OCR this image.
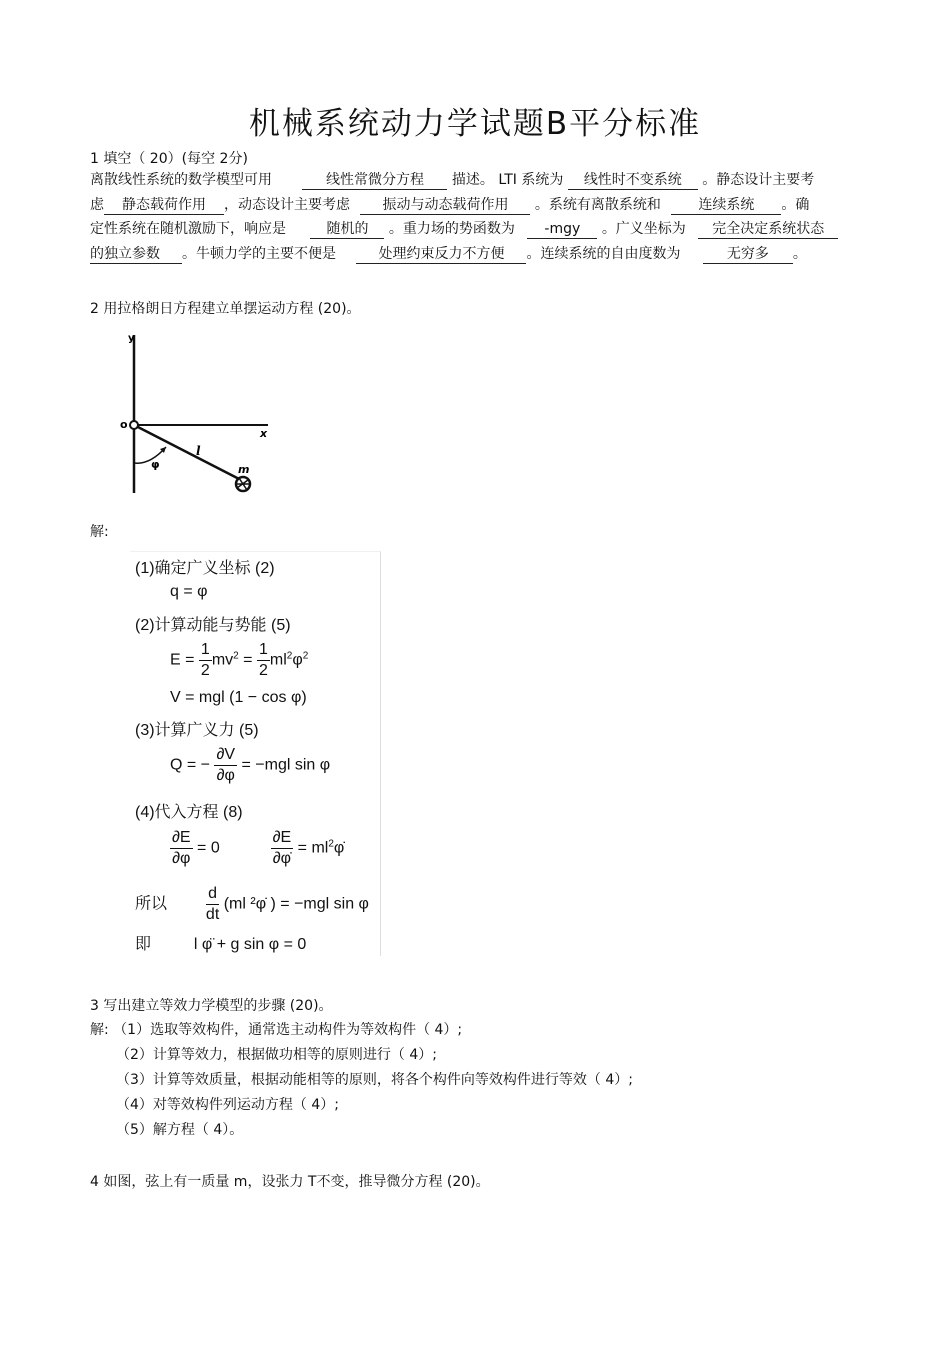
机械系统动力学试题B平分标准
1 填空（ 20）(每空 2分)
离散线性系统的数学模型可用	线性常微分方程 描述。 LTI 系统为 线性时不变系统 。静态设计主要考
虑 静态载荷作用 ，动态设计主要考虑 振动与动态载荷作用 。系统有离散系统和	连续系统 。确
定性系统在随机激励下，响应是	随机的 。重力场的势函数为 -mgy 。广义坐标为 完全决定系统状态
的独立参数 。牛顿力学的主要不便是	处理约束反力不方便 。连续系统的自由度数为	无穷多 。
2 用拉格朗日方程建立单摆运动方程 (20)。
y
o
x
l
m
φ
解:
(1)确定广义坐标 (2)
q = φ
(2)计算动能与势能 (5)
$E = \frac{1}{2} mv^2 = \frac{1}{2} ml^2\varphi^2$
V = mgl (1 − cos φ)
(3)计算广义力 (5)
Q = − $\frac{\partial V}{\partial\varphi} = -mgl$ sin φ
(4)代入方程 (8)
$\frac{\partial E}{\partial\varphi} = 0$	$\frac{\partial E}{\partial\varphi̇}$ = $ml^2\varphi̇$
所以 $\frac{d}{dt} (ml$ ²φ̇ ) = −mgl sin φ
即	l φ̈ + g sin φ = 0
3 写出建立等效力学模型的步骤 (20)。
解: （1）选取等效构件，通常选主动构件为等效构件（ 4）;
（2）计算等效力，根据做功相等的原则进行（ 4）;
（3）计算等效质量，根据动能相等的原则，将各个构件向等效构件进行等效（ 4）;
（4）对等效构件列运动方程（ 4）;
（5）解方程（ 4）。
4 如图，弦上有一质量 m，设张力 T不变，推导微分方程 (20)。
